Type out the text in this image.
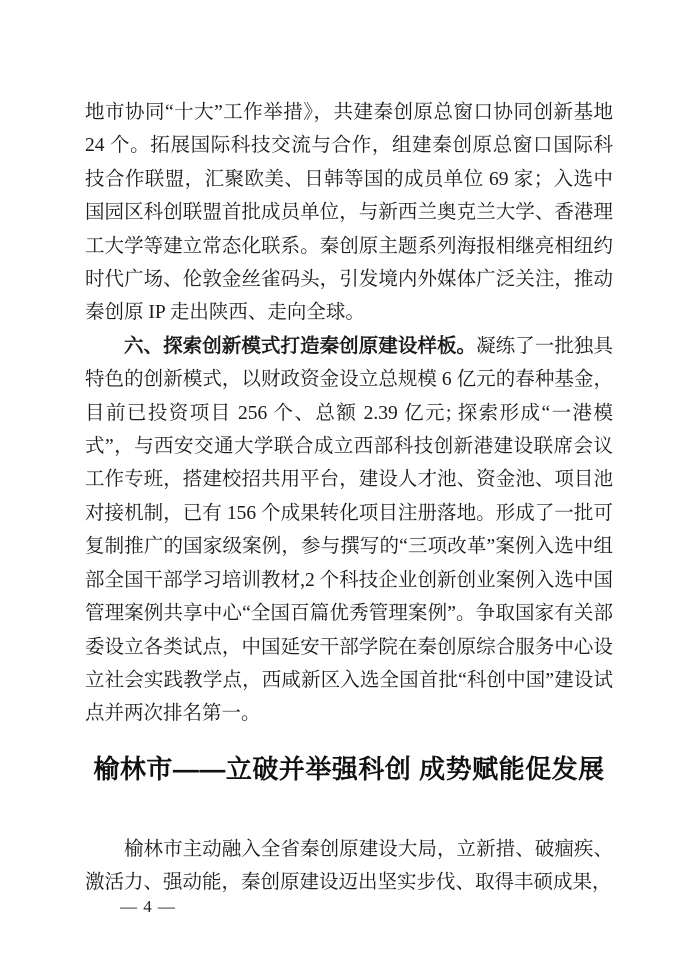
地市协同“十大”工作举措》，共建秦创原总窗口协同创新基地 24 个。拓展国际科技交流与合作，组建秦创原总窗口国际科技合作联盟，汇聚欧美、日韩等国的成员单位 69 家；入选中国园区科创联盟首批成员单位，与新西兰奥克兰大学、香港理工大学等建立常态化联系。秦创原主题系列海报相继亮相纽约时代广场、伦敦金丝雀码头，引发境内外媒体广泛关注，推动秦创原 IP 走出陕西、走向全球。

六、探索创新模式打造秦创原建设样板。凝练了一批独具特色的创新模式，以财政资金设立总规模 6 亿元的春种基金，目前已投资项目 256 个、总额 2.39 亿元; 探索形成“一港模式”，与西安交通大学联合成立西部科技创新港建设联席会议工作专班，搭建校招共用平台，建设人才池、资金池、项目池对接机制，已有 156 个成果转化项目注册落地。形成了一批可复制推广的国家级案例，参与撰写的“三项改革”案例入选中组部全国干部学习培训教材,2 个科技企业创新创业案例入选中国管理案例共享中心“全国百篇优秀管理案例”。争取国家有关部委设立各类试点，中国延安干部学院在秦创原综合服务中心设立社会实践教学点，西咸新区入选全国首批“科创中国”建设试点并两次排名第一。

榆林市——立破并举强科创 成势赋能促发展

榆林市主动融入全省秦创原建设大局，立新措、破痼疾、激活力、强动能，秦创原建设迈出坚实步伐、取得丰硕成果，

— 4 —
